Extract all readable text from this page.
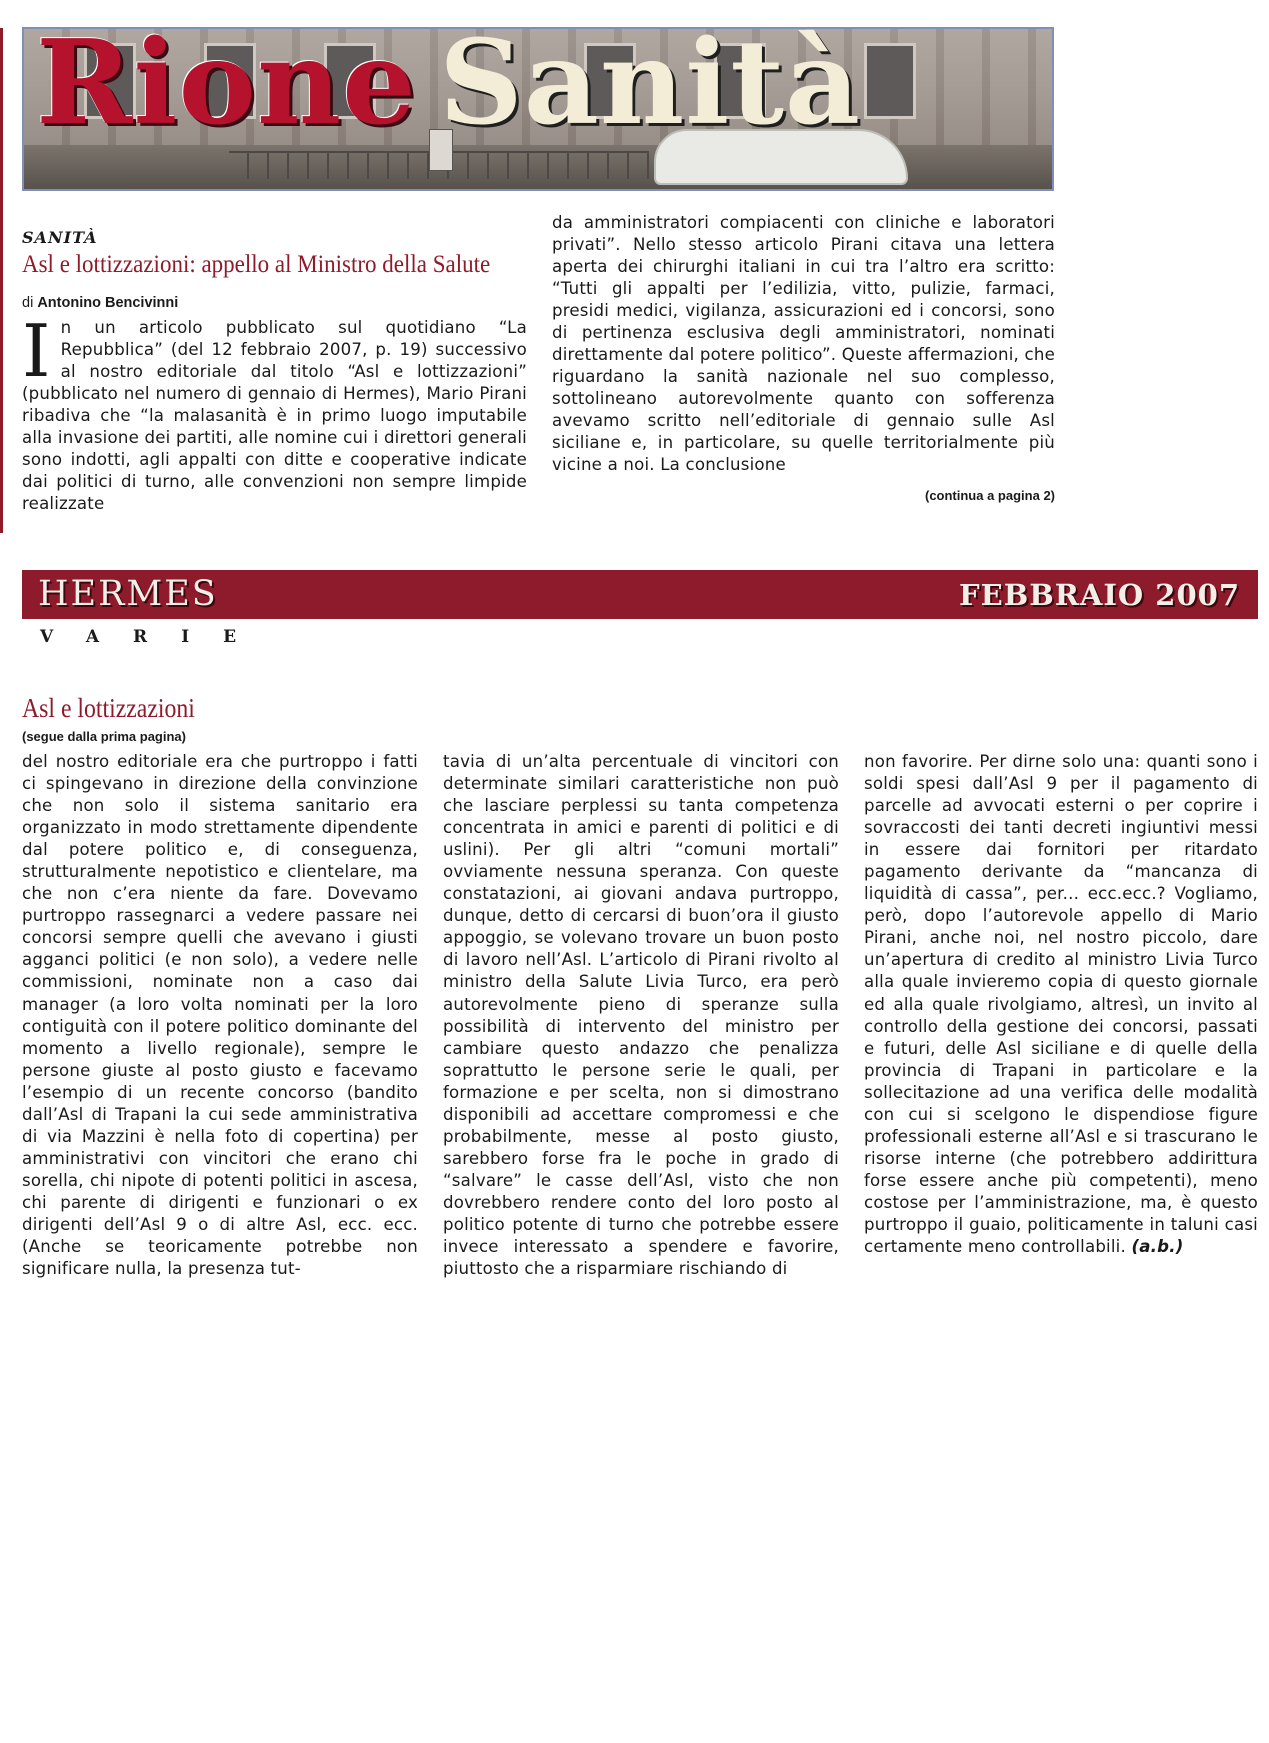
Rione Sanità
SANITÀ
Asl e lottizzazioni: appello al Ministro della Salute
di Antonino Bencivinni
In un articolo pubblicato sul quotidiano “La Repubblica” (del 12 febbraio 2007, p. 19) successivo al nostro editoriale dal titolo “Asl e lottizzazioni” (pubblicato nel numero di gennaio di Hermes), Mario Pirani ribadiva che “la malasanità è in primo luogo imputabile alla invasione dei partiti, alle nomine cui i direttori generali sono indotti, agli appalti con ditte e cooperative indicate dai politici di turno, alle convenzioni non sempre limpide realizzate
da amministratori compiacenti con cliniche e laboratori privati”. Nello stesso articolo Pirani citava una lettera aperta dei chirurghi italiani in cui tra l’altro era scritto: “Tutti gli appalti per l’edilizia, vitto, pulizie, farmaci, presidi medici, vigilanza, assicurazioni ed i concorsi, sono di pertinenza esclusiva degli amministratori, nominati direttamente dal potere politico”. Queste affermazioni, che riguardano la sanità nazionale nel suo complesso, sottolineano autorevolmente quanto con sofferenza avevamo scritto nell’editoriale di gennaio sulle Asl siciliane e, in particolare, su quelle territorialmente più vicine a noi. La conclusione
(continua a pagina 2)
HERMES	FEBBRAIO 2007
VARIE
Asl e lottizzazioni
(segue dalla prima pagina)
del nostro editoriale era che purtroppo i fatti ci spingevano in direzione della convinzione che non solo il sistema sanitario era organizzato in modo strettamente dipendente dal potere politico e, di conseguenza, strutturalmente nepotistico e clientelare, ma che non c’era niente da fare. Dovevamo purtroppo rassegnarci a vedere passare nei concorsi sempre quelli che avevano i giusti agganci politici (e non solo), a vedere nelle commissioni, nominate non a caso dai manager (a loro volta nominati per la loro contiguità con il potere politico dominante del momento a livello regionale), sempre le persone giuste al posto giusto e facevamo l’esempio di un recente concorso (bandito dall’Asl di Trapani la cui sede amministrativa di via Mazzini è nella foto di copertina) per amministrativi con vincitori che erano chi sorella, chi nipote di potenti politici in ascesa, chi parente di dirigenti e funzionari o ex dirigenti dell’Asl 9 o di altre Asl, ecc. ecc. (Anche se teoricamente potrebbe non significare nulla, la presenza tut-
tavia di un’alta percentuale di vincitori con determinate similari caratteristiche non può che lasciare perplessi su tanta competenza concentrata in amici e parenti di politici e di uslini). Per gli altri “comuni mortali” ovviamente nessuna speranza. Con queste constatazioni, ai giovani andava purtroppo, dunque, detto di cercarsi di buon’ora il giusto appoggio, se volevano trovare un buon posto di lavoro nell’Asl. L’articolo di Pirani rivolto al ministro della Salute Livia Turco, era però autorevolmente pieno di speranze sulla possibilità di intervento del ministro per cambiare questo andazzo che penalizza soprattutto le persone serie le quali, per formazione e per scelta, non si dimostrano disponibili ad accettare compromessi e che probabilmente, messe al posto giusto, sarebbero forse fra le poche in grado di “salvare” le casse dell’Asl, visto che non dovrebbero rendere conto del loro posto al politico potente di turno che potrebbe essere invece interessato a spendere e favorire, piuttosto che a risparmiare rischiando di
non favorire. Per dirne solo una: quanti sono i soldi spesi dall’Asl 9 per il pagamento di parcelle ad avvocati esterni o per coprire i sovraccosti dei tanti decreti ingiuntivi messi in essere dai fornitori per ritardato pagamento derivante da “mancanza di liquidità di cassa”, per... ecc.ecc.? Vogliamo, però, dopo l’autorevole appello di Mario Pirani, anche noi, nel nostro piccolo, dare un’apertura di credito al ministro Livia Turco alla quale invieremo copia di questo giornale ed alla quale rivolgiamo, altresì, un invito al controllo della gestione dei concorsi, passati e futuri, delle Asl siciliane e di quelle della provincia di Trapani in particolare e la sollecitazione ad una verifica delle modalità con cui si scelgono le dispendiose figure professionali esterne all’Asl e si trascurano le risorse interne (che potrebbero addirittura forse essere anche più competenti), meno costose per l’amministrazione, ma, è questo purtroppo il guaio, politicamente in taluni casi certamente meno controllabili. (a.b.)
